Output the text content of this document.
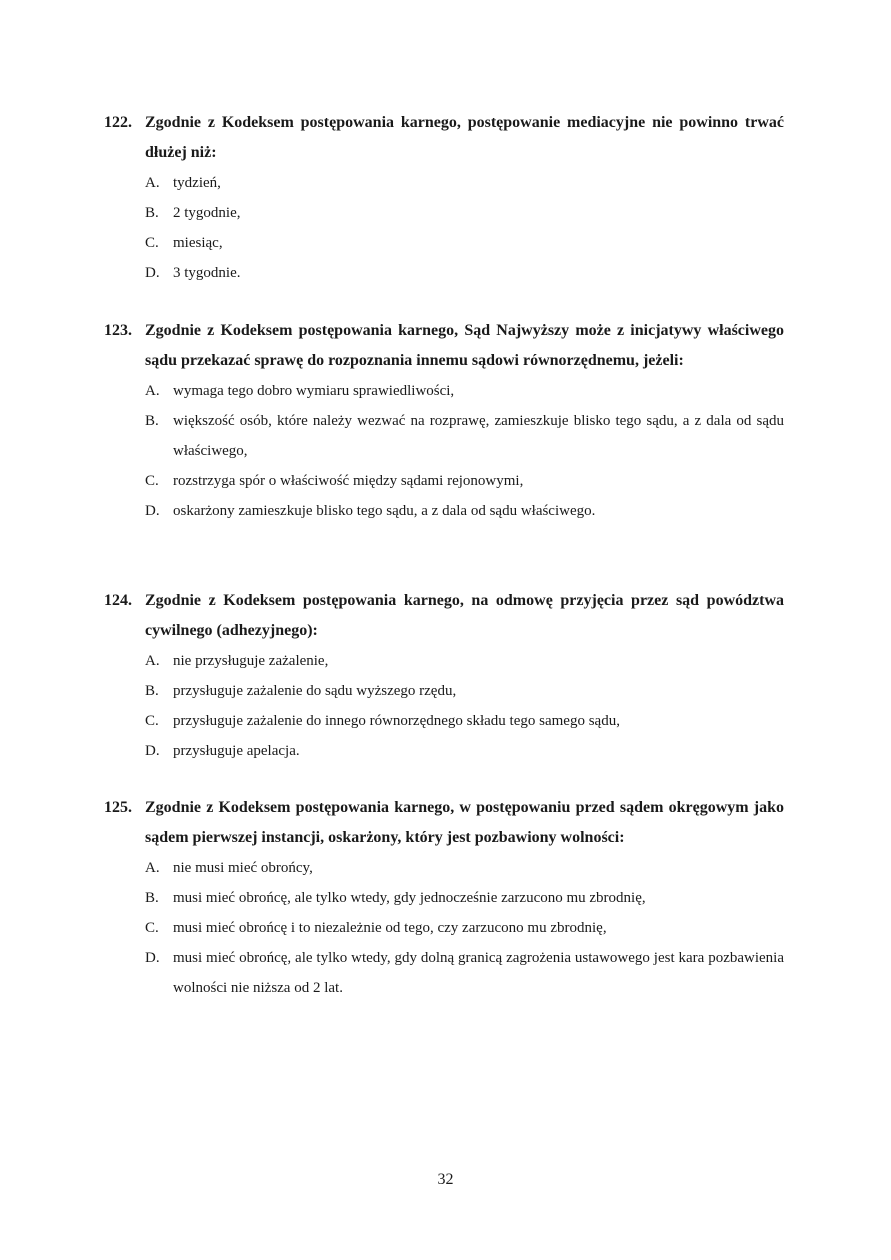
122. Zgodnie z Kodeksem postępowania karnego, postępowanie mediacyjne nie powinno trwać dłużej niż:
A. tydzień,
B. 2 tygodnie,
C. miesiąc,
D. 3 tygodnie.
123. Zgodnie z Kodeksem postępowania karnego, Sąd Najwyższy może z inicjatywy właściwego sądu przekazać sprawę do rozpoznania innemu sądowi równorzędnemu, jeżeli:
A. wymaga tego dobro wymiaru sprawiedliwości,
B. większość osób, które należy wezwać na rozprawę, zamieszkuje blisko tego sądu, a z dala od sądu właściwego,
C. rozstrzyga spór o właściwość między sądami rejonowymi,
D. oskarżony zamieszkuje blisko tego sądu, a z dala od sądu właściwego.
124. Zgodnie z Kodeksem postępowania karnego, na odmowę przyjęcia przez sąd powództwa cywilnego (adhezyjnego):
A. nie przysługuje zażalenie,
B. przysługuje zażalenie do sądu wyższego rzędu,
C. przysługuje zażalenie do innego równorzędnego składu tego samego sądu,
D. przysługuje apelacja.
125. Zgodnie z Kodeksem postępowania karnego, w postępowaniu przed sądem okręgowym jako sądem pierwszej instancji, oskarżony, który jest pozbawiony wolności:
A. nie musi mieć obrońcy,
B. musi mieć obrońcę, ale tylko wtedy, gdy jednocześnie zarzucono mu zbrodnię,
C. musi mieć obrońcę i to niezależnie od tego, czy zarzucono mu zbrodnię,
D. musi mieć obrońcę, ale tylko wtedy, gdy dolną granicą zagrożenia ustawowego jest kara pozbawienia wolności nie niższa od 2 lat.
32
